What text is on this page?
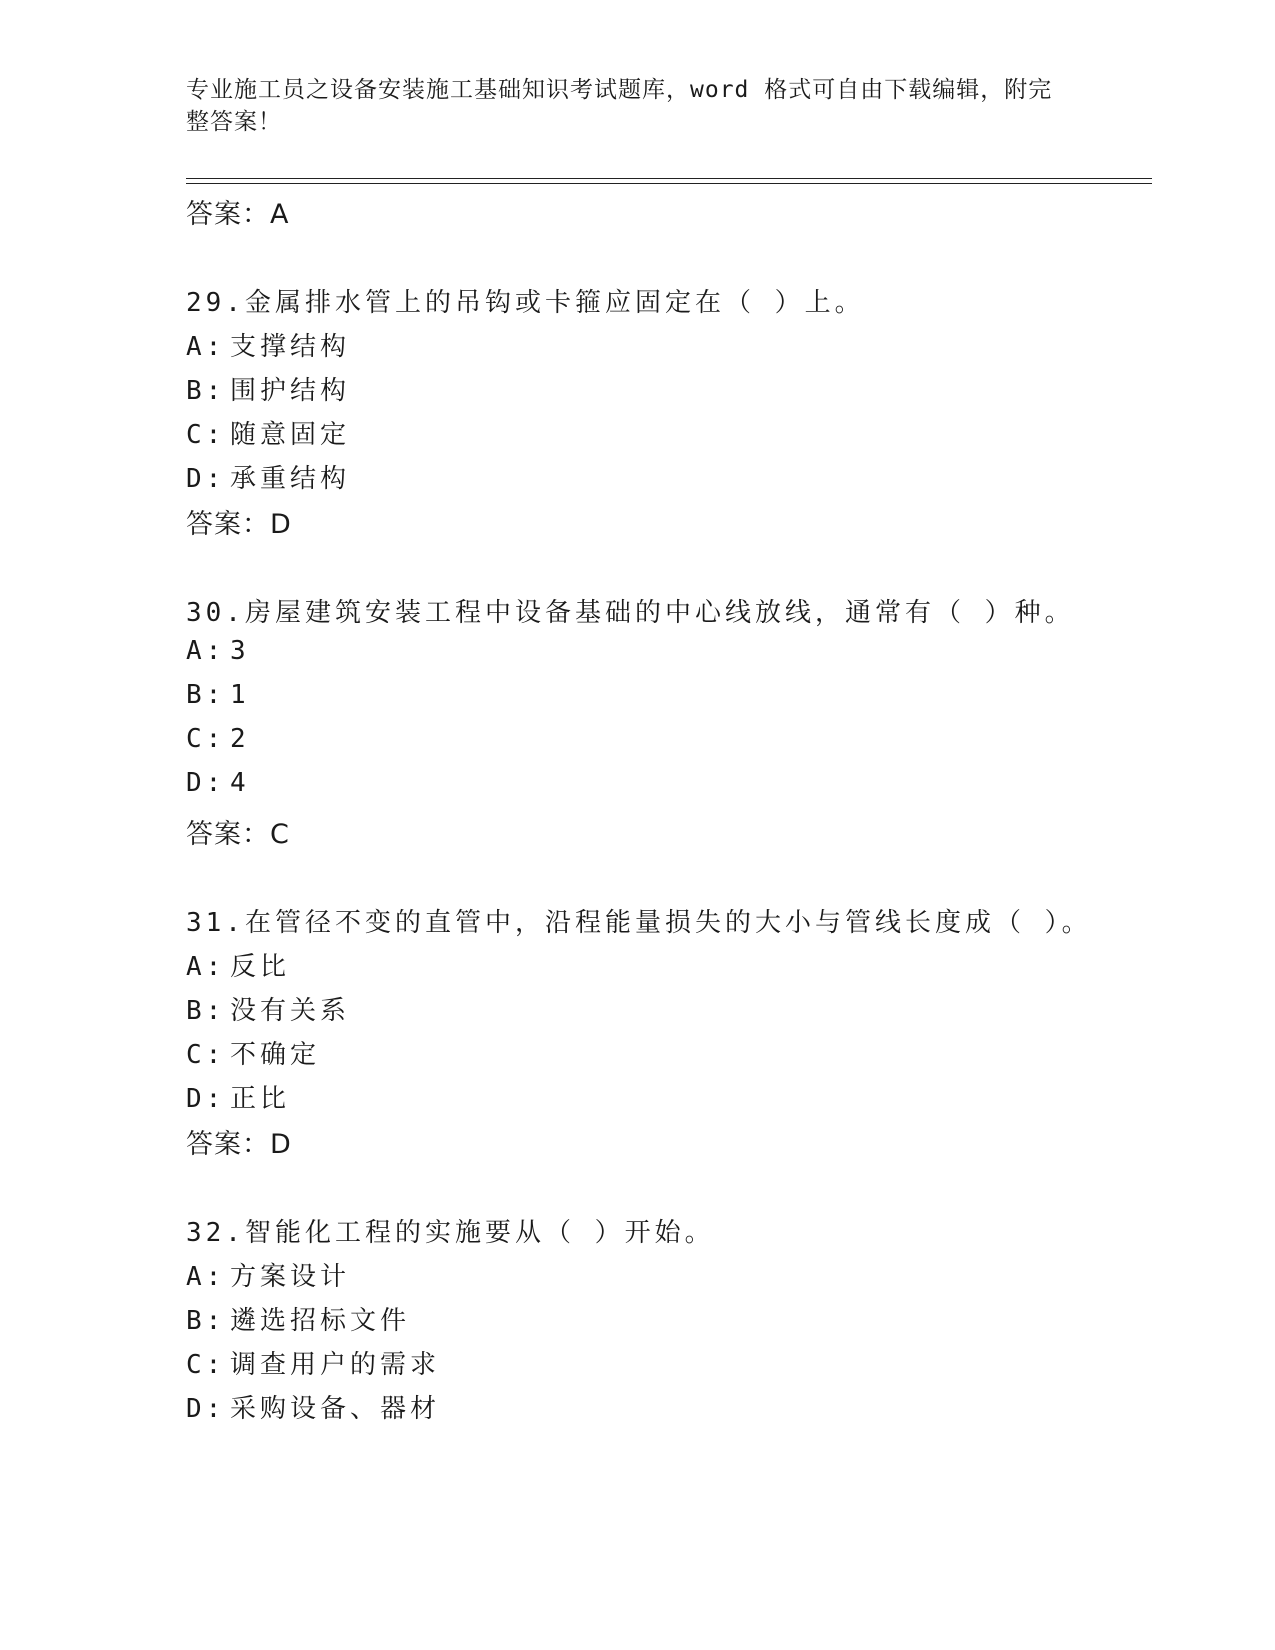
专业施工员之设备安装施工基础知识考试题库，word 格式可自由下载编辑，附完
整答案！
答案：A
29.金属排水管上的吊钩或卡箍应固定在（ ）上。
A: 支撑结构
B: 围护结构
C: 随意固定
D: 承重结构
答案：D
30.房屋建筑安装工程中设备基础的中心线放线，通常有（ ）种。
A: 3
B: 1
C: 2
D: 4
答案：C
31.在管径不变的直管中，沿程能量损失的大小与管线长度成（ ）。
A: 反比
B: 没有关系
C: 不确定
D: 正比
答案：D
32.智能化工程的实施要从（ ）开始。
A: 方案设计
B: 遴选招标文件
C: 调查用户的需求
D: 采购设备、器材
